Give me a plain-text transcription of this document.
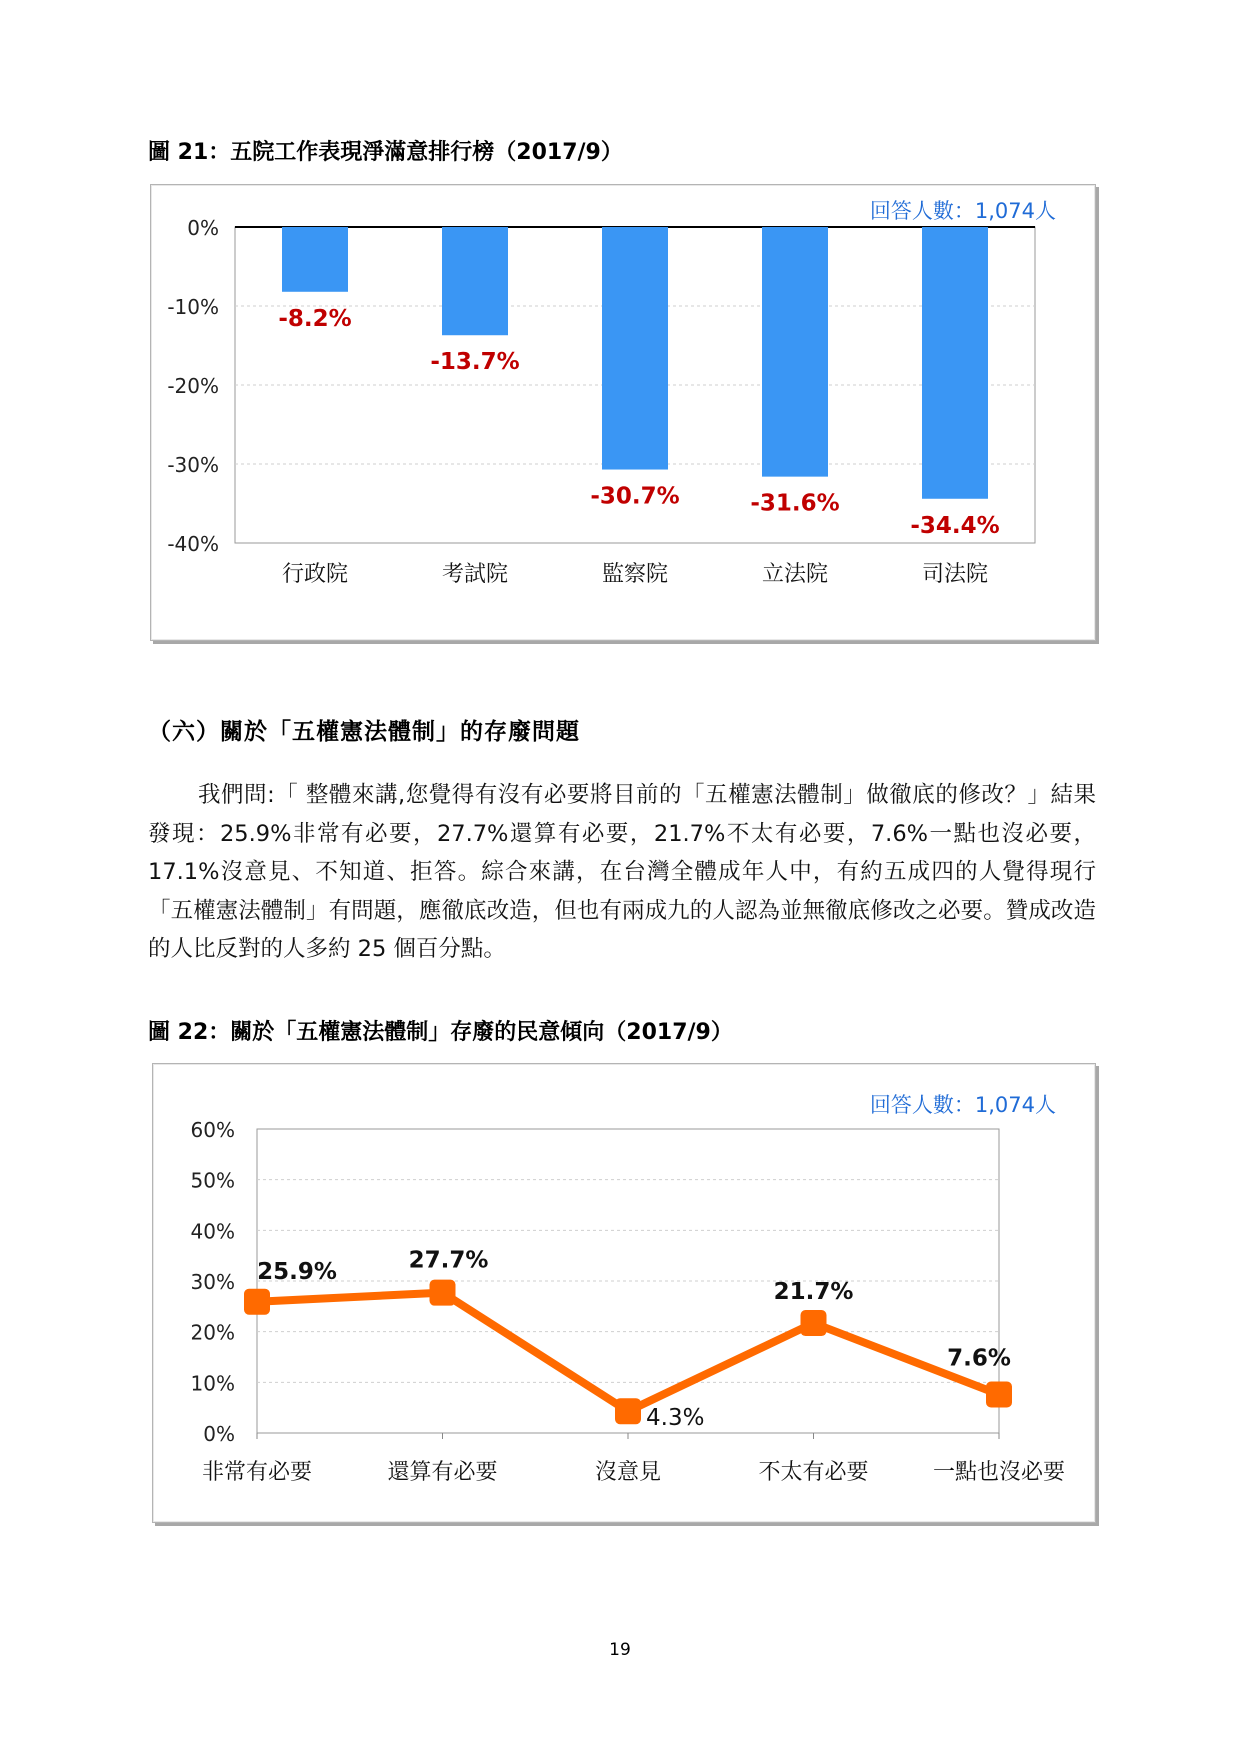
圖 21：五院工作表現淨滿意排行榜（2017/9）
0%
-10%
-20%
-30%
-40%
-8.2%
-13.7%
-30.7%	-31.6%
-34.4%
行政院	考試院	監察院	立法院	司法院
回答人數：1,074人
（六）關於「五權憲法體制」的存廢問題
我們問:「 整體來講,您覺得有沒有必要將目前的「五權憲法體制」做徹底的修改？」結果發現：25.9%非常有必要，27.7%還算有必要，21.7%不太有必要，7.6%一點也沒必要，17.1%沒意見、不知道、拒答。綜合來講，在台灣全體成年人中，有約五成四的人覺得現行「五權憲法體制」有問題，應徹底改造，但也有兩成九的人認為並無徹底修改之必要。贊成改造的人比反對的人多約 25 個百分點。
圖 22：關於「五權憲法體制」存廢的民意傾向（2017/9）
60%
50%
40%
30%
20%
10%
0%
25.9%	27.7%
4.3%
21.7%
7.6%
非常有必要	還算有必要	沒意見	不太有必要	一點也沒必要
回答人數：1,074人
19
